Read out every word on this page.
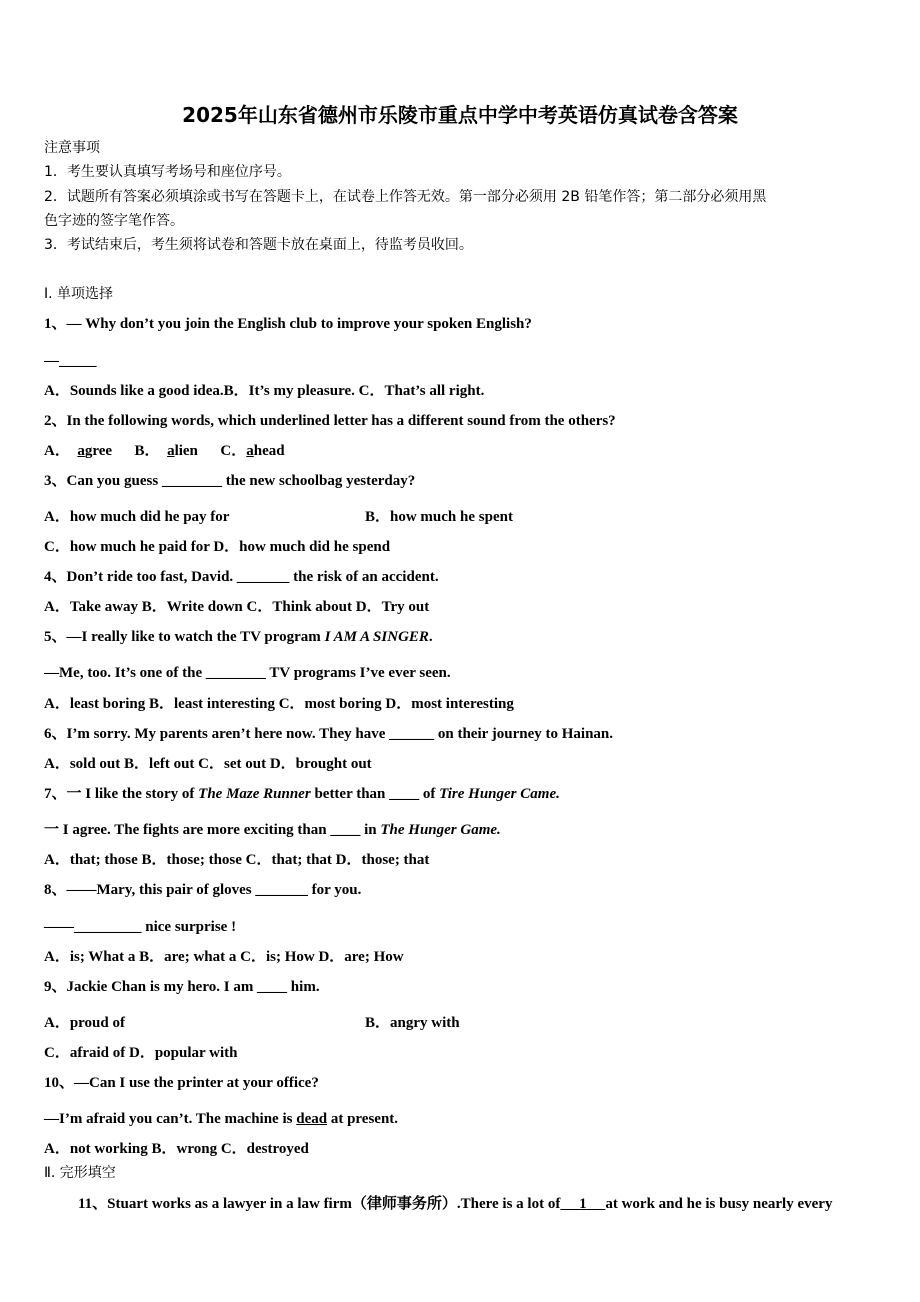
2025年山东省德州市乐陵市重点中学中考英语仿真试卷含答案
注意事项
1．考生要认真填写考场号和座位序号。
2．试题所有答案必须填涂或书写在答题卡上，在试卷上作答无效。第一部分必须用 2B 铅笔作答；第二部分必须用黑
色字迹的签字笔作答。
3．考试结束后，考生须将试卷和答题卡放在桌面上，待监考员收回。
Ⅰ. 单项选择
1、— Why don’t you join the English club to improve your spoken English?
—_____
A．Sounds like a good idea.B．It’s my pleasure. C．That’s all right.
2、In the following words, which underlined letter has a different sound from the others?
A． agree B． alien C．ahead
3、Can you guess ________ the new schoolbag yesterday?
A．how much did he pay for	B．how much he spent
C．how much he paid for D．how much did he spend
4、Don’t ride too fast, David. _______ the risk of an accident.
A．Take away B．Write down C．Think about D．Try out
5、—I really like to watch the TV program I AM A SINGER.
—Me, too. It’s one of the ________ TV programs I’ve ever seen.
A．least boring B．least interesting C．most boring D．most interesting
6、I’m sorry. My parents aren’t here now. They have ______ on their journey to Hainan.
A．sold out B．left out C．set out D．brought out
7、一 I like the story of The Maze Runner better than ____ of Tire Hunger Came.
一 I agree. The fights are more exciting than ____ in The Hunger Game.
A．that; those B．those; those C．that; that D．those; that
8、——Mary, this pair of gloves _______ for you.
——_________ nice surprise !
A．is; What a B．are; what a C．is; How D．are; How
9、Jackie Chan is my hero. I am ____ him.
A．proud of	B．angry with
C．afraid of D．popular with
10、—Can I use the printer at your office?
—I’m afraid you can’t. The machine is dead at present.
A．not working B．wrong C．destroyed
Ⅱ. 完形填空
11、Stuart works as a lawyer in a law firm（律师事务所）.There is a lot of 1 at work and he is busy nearly every
